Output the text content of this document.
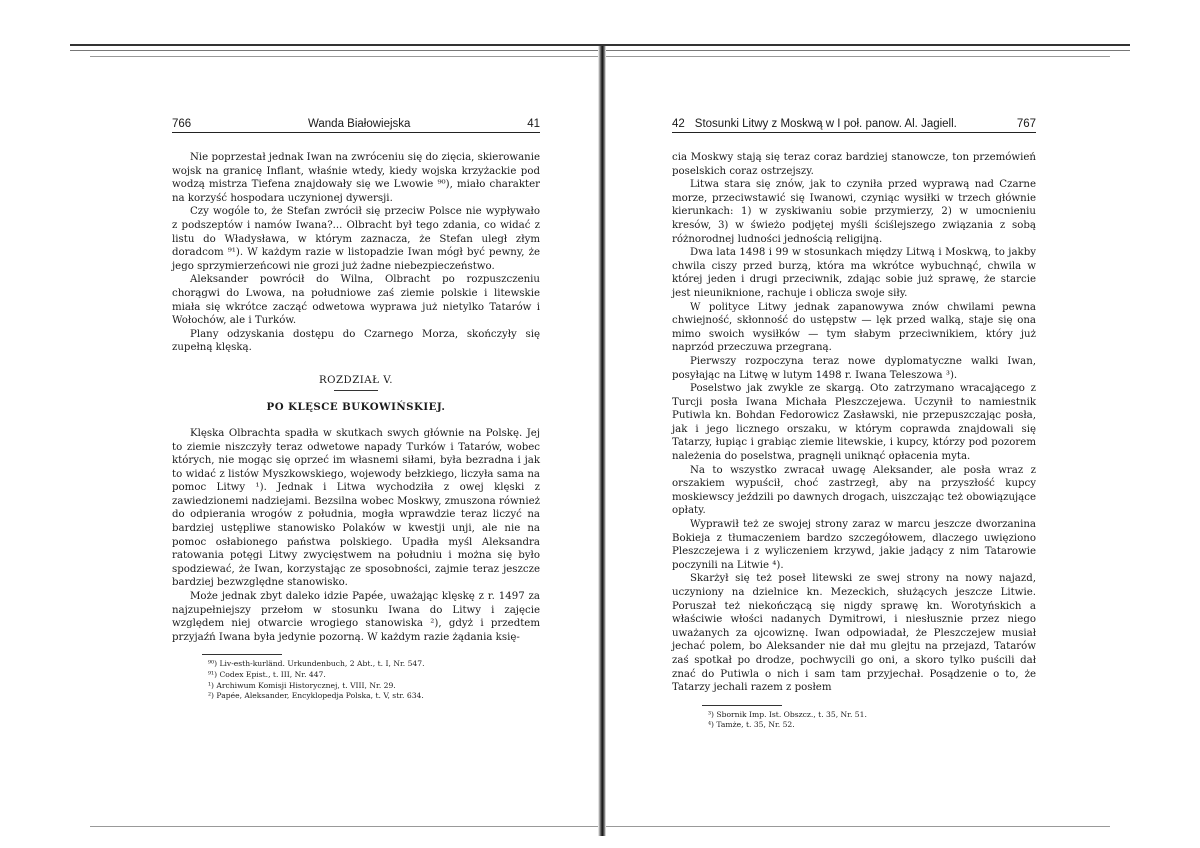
766	Wanda Białowiejska	41

Nie poprzestał jednak Iwan na zwróceniu się do zięcia, skierowanie wojsk na granicę Inflant, właśnie wtedy, kiedy wojska krzyżackie pod wodzą mistrza Tiefena znajdowały się we Lwowie ⁹⁰), miało charakter na korzyść hospodara uczynionej dywersji.

Czy wogóle to, że Stefan zwrócił się przeciw Polsce nie wypływało z podszeptów i namów Iwana?... Olbracht był tego zdania, co widać z listu do Władysława, w którym zaznacza, że Stefan uległ złym doradcom ⁹¹). W każdym razie w listopadzie Iwan mógł być pewny, że jego sprzymierzeńcowi nie grozi już żadne niebezpieczeństwo.

Aleksander powrócił do Wilna, Olbracht po rozpuszczeniu chorągwi do Lwowa, na południowe zaś ziemie polskie i litewskie miała się wkrótce zacząć odwetowa wyprawa już nietylko Tatarów i Wołochów, ale i Turków.

Plany odzyskania dostępu do Czarnego Morza, skończyły się zupełną klęską.

ROZDZIAŁ V.
PO KLĘSCE BUKOWIŃSKIEJ.

Klęska Olbrachta spadła w skutkach swych głównie na Polskę. Jej to ziemie niszczyły teraz odwetowe napady Turków i Tatarów, wobec których, nie mogąc się oprzeć im własnemi siłami, była bezradna i jak to widać z listów Myszkowskiego, wojewody bełzkiego, liczyła sama na pomoc Litwy ¹). Jednak i Litwa wychodziła z owej klęski z zawiedzionemi nadziejami. Bezsilna wobec Moskwy, zmuszona również do odpierania wrogów z południa, mogła wprawdzie teraz liczyć na bardziej ustępliwe stanowisko Polaków w kwestji unji, ale nie na pomoc osłabionego państwa polskiego. Upadła myśl Aleksandra ratowania potęgi Litwy zwycięstwem na południu i można się było spodziewać, że Iwan, korzystając ze sposobności, zajmie teraz jeszcze bardziej bezwzględne stanowisko.

Może jednak zbyt daleko idzie Papée, uważając klęskę z r. 1497 za najzupełniejszy przełom w stosunku Iwana do Litwy i zajęcie względem niej otwarcie wrogiego stanowiska ²), gdyż i przedtem przyjaźń Iwana była jedynie pozorną. W każdym razie żądania księ-

⁹⁰) Liv-esth-kurländ. Urkundenbuch, 2 Abt., t. I, Nr. 547.

⁹¹) Codex Epist., t. III, Nr. 447.

¹) Archiwum Komisji Historycznej, t. VIII, Nr. 29.

²) Papée, Aleksander, Encyklopedja Polska, t. V, str. 634.

42 Stosunki Litwy z Moskwą w I poł. panow. Al. Jagiell.	767

cia Moskwy stają się teraz coraz bardziej stanowcze, ton przemówień poselskich coraz ostrzejszy.

Litwa stara się znów, jak to czyniła przed wyprawą nad Czarne morze, przeciwstawić się Iwanowi, czyniąc wysiłki w trzech głównie kierunkach: 1) w zyskiwaniu sobie przymierzy, 2) w umocnieniu kresów, 3) w świeżo podjętej myśli ściślejszego związania z sobą różnorodnej ludności jednością religijną.

Dwa lata 1498 i 99 w stosunkach między Litwą i Moskwą, to jakby chwila ciszy przed burzą, która ma wkrótce wybuchnąć, chwila w której jeden i drugi przeciwnik, zdając sobie już sprawę, że starcie jest nieuniknione, rachuje i oblicza swoje siły.

W polityce Litwy jednak zapanowywa znów chwilami pewna chwiejność, skłonność do ustępstw — lęk przed walką, staje się ona mimo swoich wysiłków — tym słabym przeciwnikiem, który już naprzód przeczuwa przegraną.

Pierwszy rozpoczyna teraz nowe dyplomatyczne walki Iwan, posyłając na Litwę w lutym 1498 r. Iwana Teleszowa ³).

Poselstwo jak zwykle ze skargą. Oto zatrzymano wracającego z Turcji posła Iwana Michała Pleszczejewa. Uczynił to namiestnik Putiwla kn. Bohdan Fedorowicz Zasławski, nie przepuszczając posła, jak i jego licznego orszaku, w którym coprawda znajdowali się Tatarzy, łupiąc i grabiąc ziemie litewskie, i kupcy, którzy pod pozorem należenia do poselstwa, pragnęli uniknąć opłacenia myta.

Na to wszystko zwracał uwagę Aleksander, ale posła wraz z orszakiem wypuścił, choć zastrzegł, aby na przyszłość kupcy moskiewscy jeździli po dawnych drogach, uiszczając też obowiązujące opłaty.

Wyprawił też ze swojej strony zaraz w marcu jeszcze dworzanina Bokieja z tłumaczeniem bardzo szczegółowem, dlaczego uwięziono Pleszczejewa i z wyliczeniem krzywd, jakie jadący z nim Tatarowie poczynili na Litwie ⁴).

Skarżył się też poseł litewski ze swej strony na nowy najazd, uczyniony na dzielnice kn. Mezeckich, służących jeszcze Litwie. Poruszał też niekończącą się nigdy sprawę kn. Worotyńskich a właściwie włości nadanych Dymitrowi, i niesłusznie przez niego uważanych za ojcowiznę. Iwan odpowiadał, że Pleszczejew musiał jechać polem, bo Aleksander nie dał mu glejtu na przejazd, Tatarów zaś spotkał po drodze, pochwycili go oni, a skoro tylko puścili dał znać do Putiwla o nich i sam tam przyjechał. Posądzenie o to, że Tatarzy jechali razem z posłem

³) Sbornik Imp. Ist. Obszcz., t. 35, Nr. 51.

⁴) Tamże, t. 35, Nr. 52.
